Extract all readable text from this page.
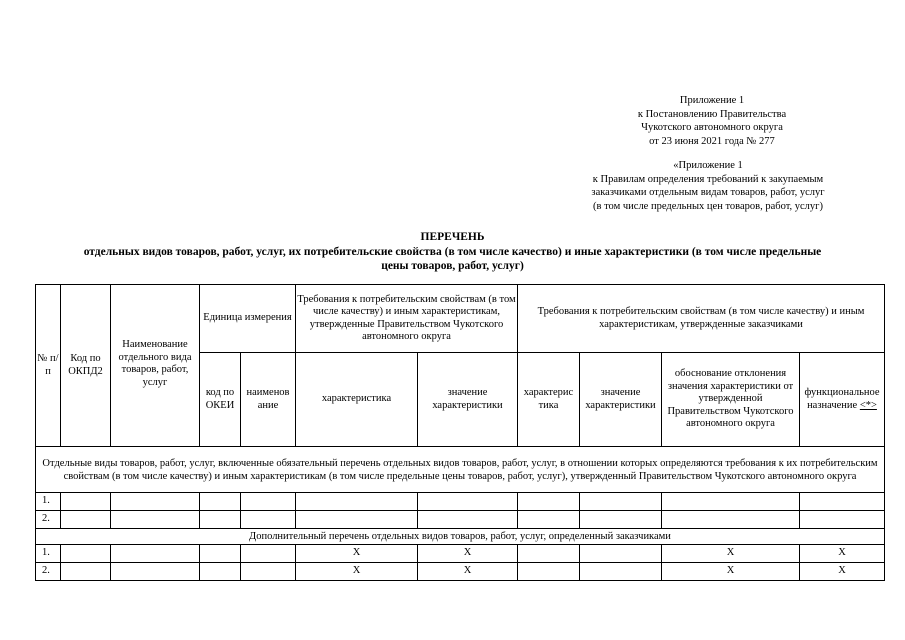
Приложение 1
к Постановлению Правительства
Чукотского автономного округа
от 23 июня 2021 года № 277
«Приложение 1
к Правилам определения требований к закупаемым
заказчиками отдельным видам товаров, работ, услуг
(в том числе предельных цен товаров, работ, услуг)
ПЕРЕЧЕНЬ
отдельных видов товаров, работ, услуг, их потребительские свойства (в том числе качество) и иные характеристики (в том числе предельные цены товаров, работ, услуг)
№ п/п	Код по ОКПД2	Наименование отдельного вида товаров, работ, услуг	Единица измерения		Требования к потребительским свойствам (в том числе качеству) и иным характеристикам, утвержденные Правительством Чукотского автономного округа		Требования к потребительским свойствам (в том числе качеству) и иным характеристикам, утвержденные заказчиками			
			код по ОКЕИ	наименов ание	характеристика	значение характеристики	характерис тика	значение характеристики	обоснование отклонения значения характеристики от утвержденной Правительством Чукотского автономного округа	функциональное назначение <*>
Отдельные виды товаров, работ, услуг, включенные обязательный перечень отдельных видов товаров, работ, услуг, в отношении которых определяются требования к их потребительским свойствам (в том числе качеству) и иным характеристикам (в том числе предельные цены товаров, работ, услуг), утвержденный Правительством Чукотского автономного округа										
1.										
2.										
Дополнительный перечень отдельных видов товаров, работ, услуг, определенный заказчиками										
1.					X	X			X	X
2.					X	X			X	X
